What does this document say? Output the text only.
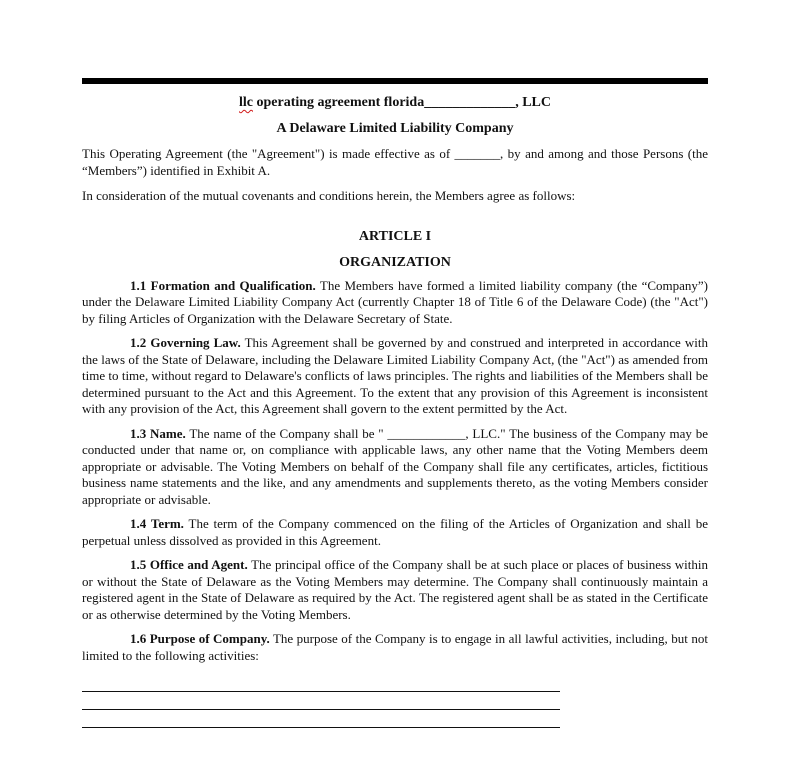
llc operating agreement florida_____________, LLC
A Delaware Limited Liability Company

This Operating Agreement (the "Agreement") is made effective as of _______, by and among and those Persons (the “Members”) identified in Exhibit A.

In consideration of the mutual covenants and conditions herein, the Members agree as follows:

ARTICLE I
ORGANIZATION

1.1 Formation and Qualification. The Members have formed a limited liability company (the “Company”) under the Delaware Limited Liability Company Act (currently Chapter 18 of Title 6 of the Delaware Code) (the "Act") by filing Articles of Organization with the Delaware Secretary of State.

1.2 Governing Law. This Agreement shall be governed by and construed and interpreted in accordance with the laws of the State of Delaware, including the Delaware Limited Liability Company Act, (the "Act") as amended from time to time, without regard to Delaware's conflicts of laws principles. The rights and liabilities of the Members shall be determined pursuant to the Act and this Agreement. To the extent that any provision of this Agreement is inconsistent with any provision of the Act, this Agreement shall govern to the extent permitted by the Act.

1.3 Name. The name of the Company shall be " ____________, LLC." The business of the Company may be conducted under that name or, on compliance with applicable laws, any other name that the Voting Members deem appropriate or advisable. The Voting Members on behalf of the Company shall file any certificates, articles, fictitious business name statements and the like, and any amendments and supplements thereto, as the voting Members consider appropriate or advisable.

1.4 Term. The term of the Company commenced on the filing of the Articles of Organization and shall be perpetual unless dissolved as provided in this Agreement.

1.5 Office and Agent. The principal office of the Company shall be at such place or places of business within or without the State of Delaware as the Voting Members may determine. The Company shall continuously maintain a registered agent in the State of Delaware as required by the Act. The registered agent shall be as stated in the Certificate or as otherwise determined by the Voting Members.

1.6 Purpose of Company. The purpose of the Company is to engage in all lawful activities, including, but not limited to the following activities:
